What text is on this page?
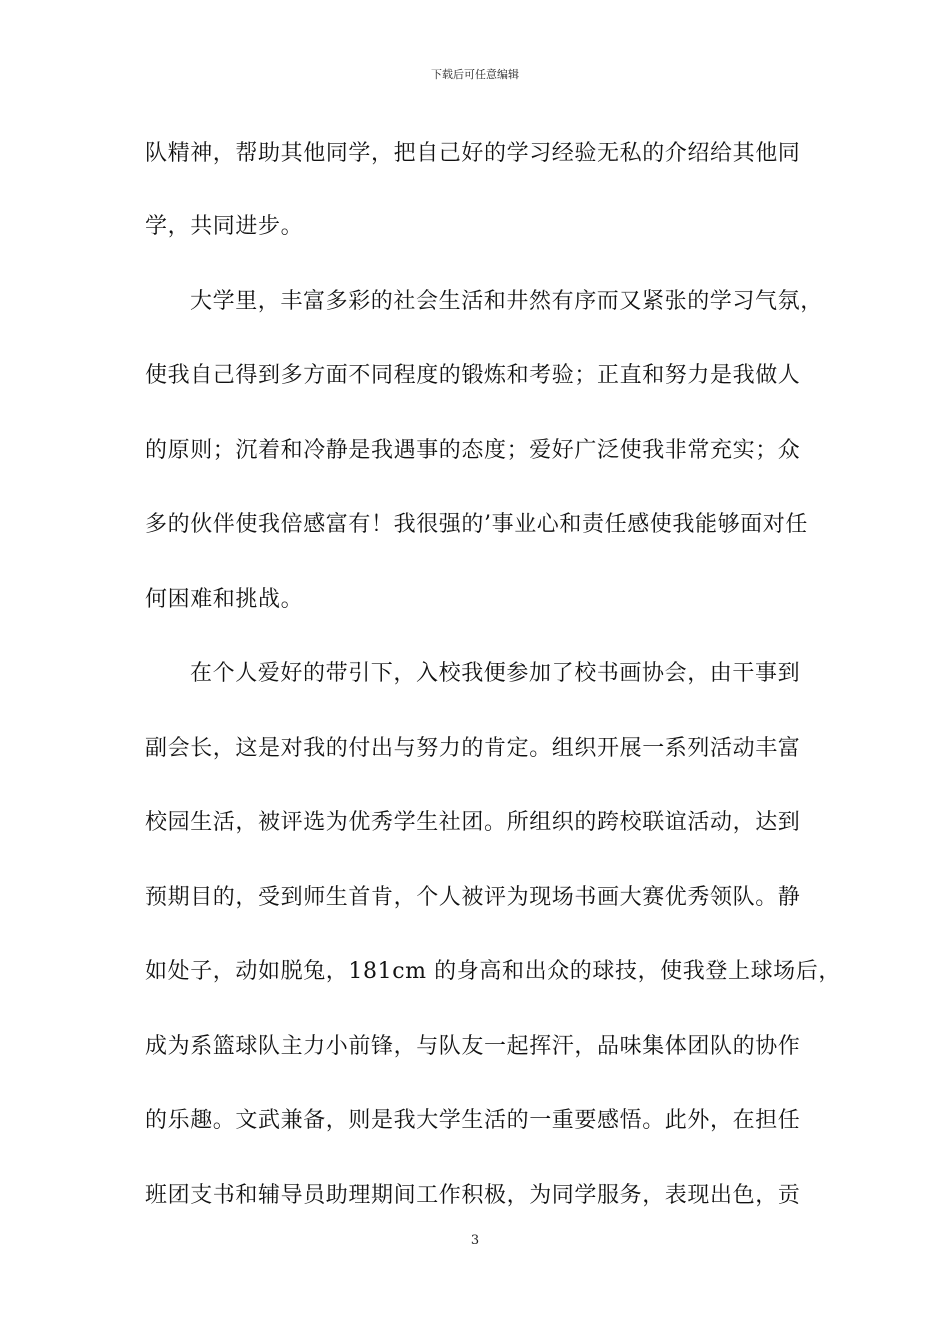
下载后可任意编辑
队精神，帮助其他同学，把自己好的学习经验无私的介绍给其他同
学，共同进步。
大学里，丰富多彩的社会生活和井然有序而又紧张的学习气氛，
使我自己得到多方面不同程度的锻炼和考验；正直和努力是我做人
的原则；沉着和冷静是我遇事的态度；爱好广泛使我非常充实；众
多的伙伴使我倍感富有！我很强的’事业心和责任感使我能够面对任
何困难和挑战。
在个人爱好的带引下，入校我便参加了校书画协会，由干事到
副会长，这是对我的付出与努力的肯定。组织开展一系列活动丰富
校园生活，被评选为优秀学生社团。所组织的跨校联谊活动，达到
预期目的，受到师生首肯，个人被评为现场书画大赛优秀领队。静
如处子，动如脱兔，181cm 的身高和出众的球技，使我登上球场后，
成为系篮球队主力小前锋，与队友一起挥汗，品味集体团队的协作
的乐趣。文武兼备，则是我大学生活的一重要感悟。此外，在担任
班团支书和辅导员助理期间工作积极，为同学服务，表现出色，贡
3
